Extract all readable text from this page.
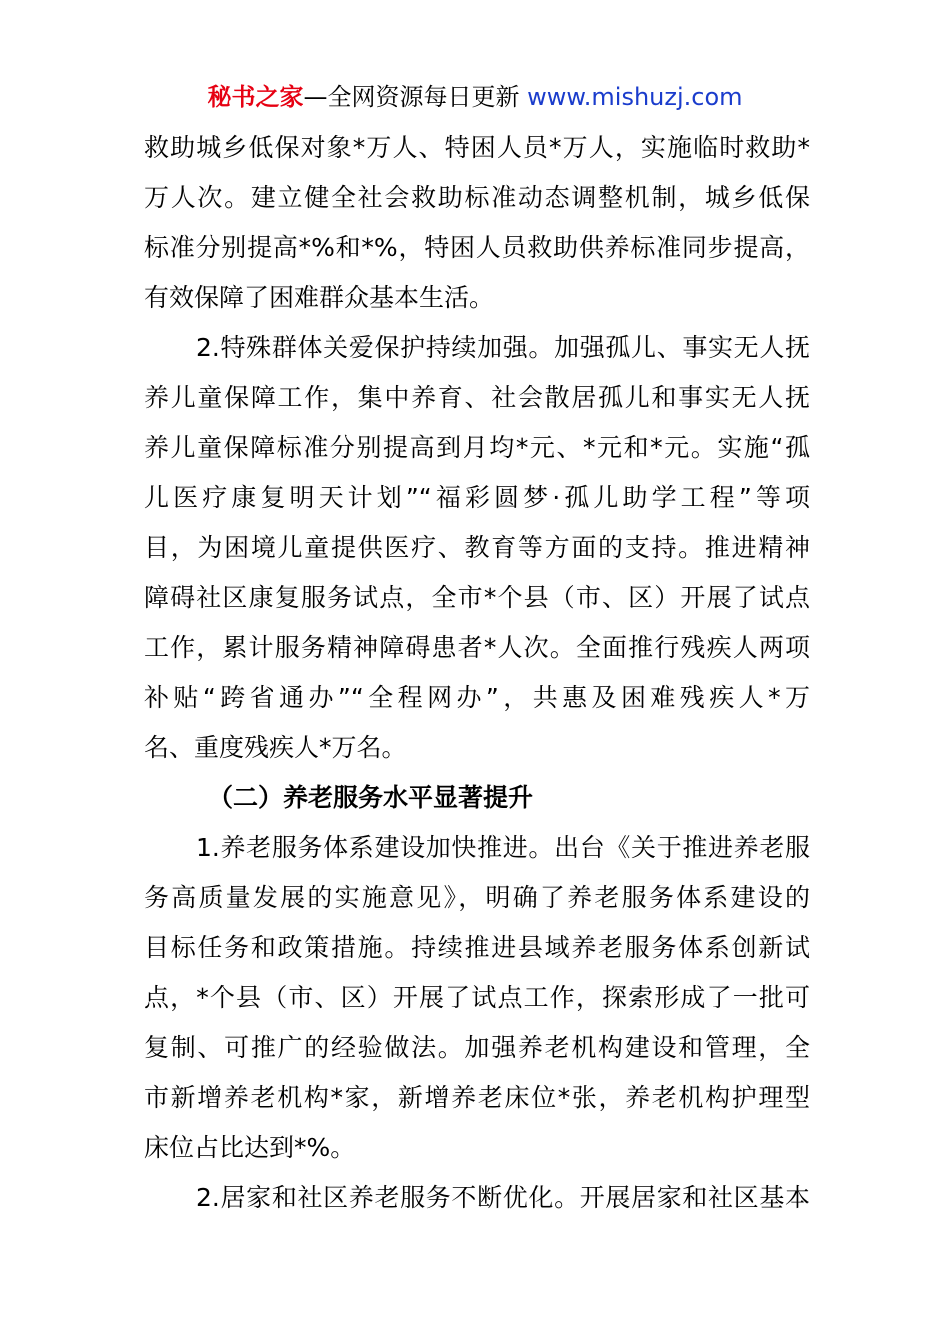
秘书之家—全网资源每日更新 www.mishuzj.com
救助城乡低保对象*万人、特困人员*万人，实施临时救助*
万人次。建立健全社会救助标准动态调整机制，城乡低保
标准分别提高*%和*%，特困人员救助供养标准同步提高，
有效保障了困难群众基本生活。
2.特殊群体关爱保护持续加强。加强孤儿、事实无人抚
养儿童保障工作，集中养育、社会散居孤儿和事实无人抚
养儿童保障标准分别提高到月均*元、*元和*元。实施“孤
儿医疗康复明天计划”“福彩圆梦·孤儿助学工程”等项
目，为困境儿童提供医疗、教育等方面的支持。推进精神
障碍社区康复服务试点，全市*个县（市、区）开展了试点
工作，累计服务精神障碍患者*人次。全面推行残疾人两项
补贴“跨省通办”“全程网办”，共惠及困难残疾人*万
名、重度残疾人*万名。
（二）养老服务水平显著提升
1.养老服务体系建设加快推进。出台《关于推进养老服
务高质量发展的实施意见》，明确了养老服务体系建设的
目标任务和政策措施。持续推进县域养老服务体系创新试
点，*个县（市、区）开展了试点工作，探索形成了一批可
复制、可推广的经验做法。加强养老机构建设和管理，全
市新增养老机构*家，新增养老床位*张，养老机构护理型
床位占比达到*%。
2.居家和社区养老服务不断优化。开展居家和社区基本
